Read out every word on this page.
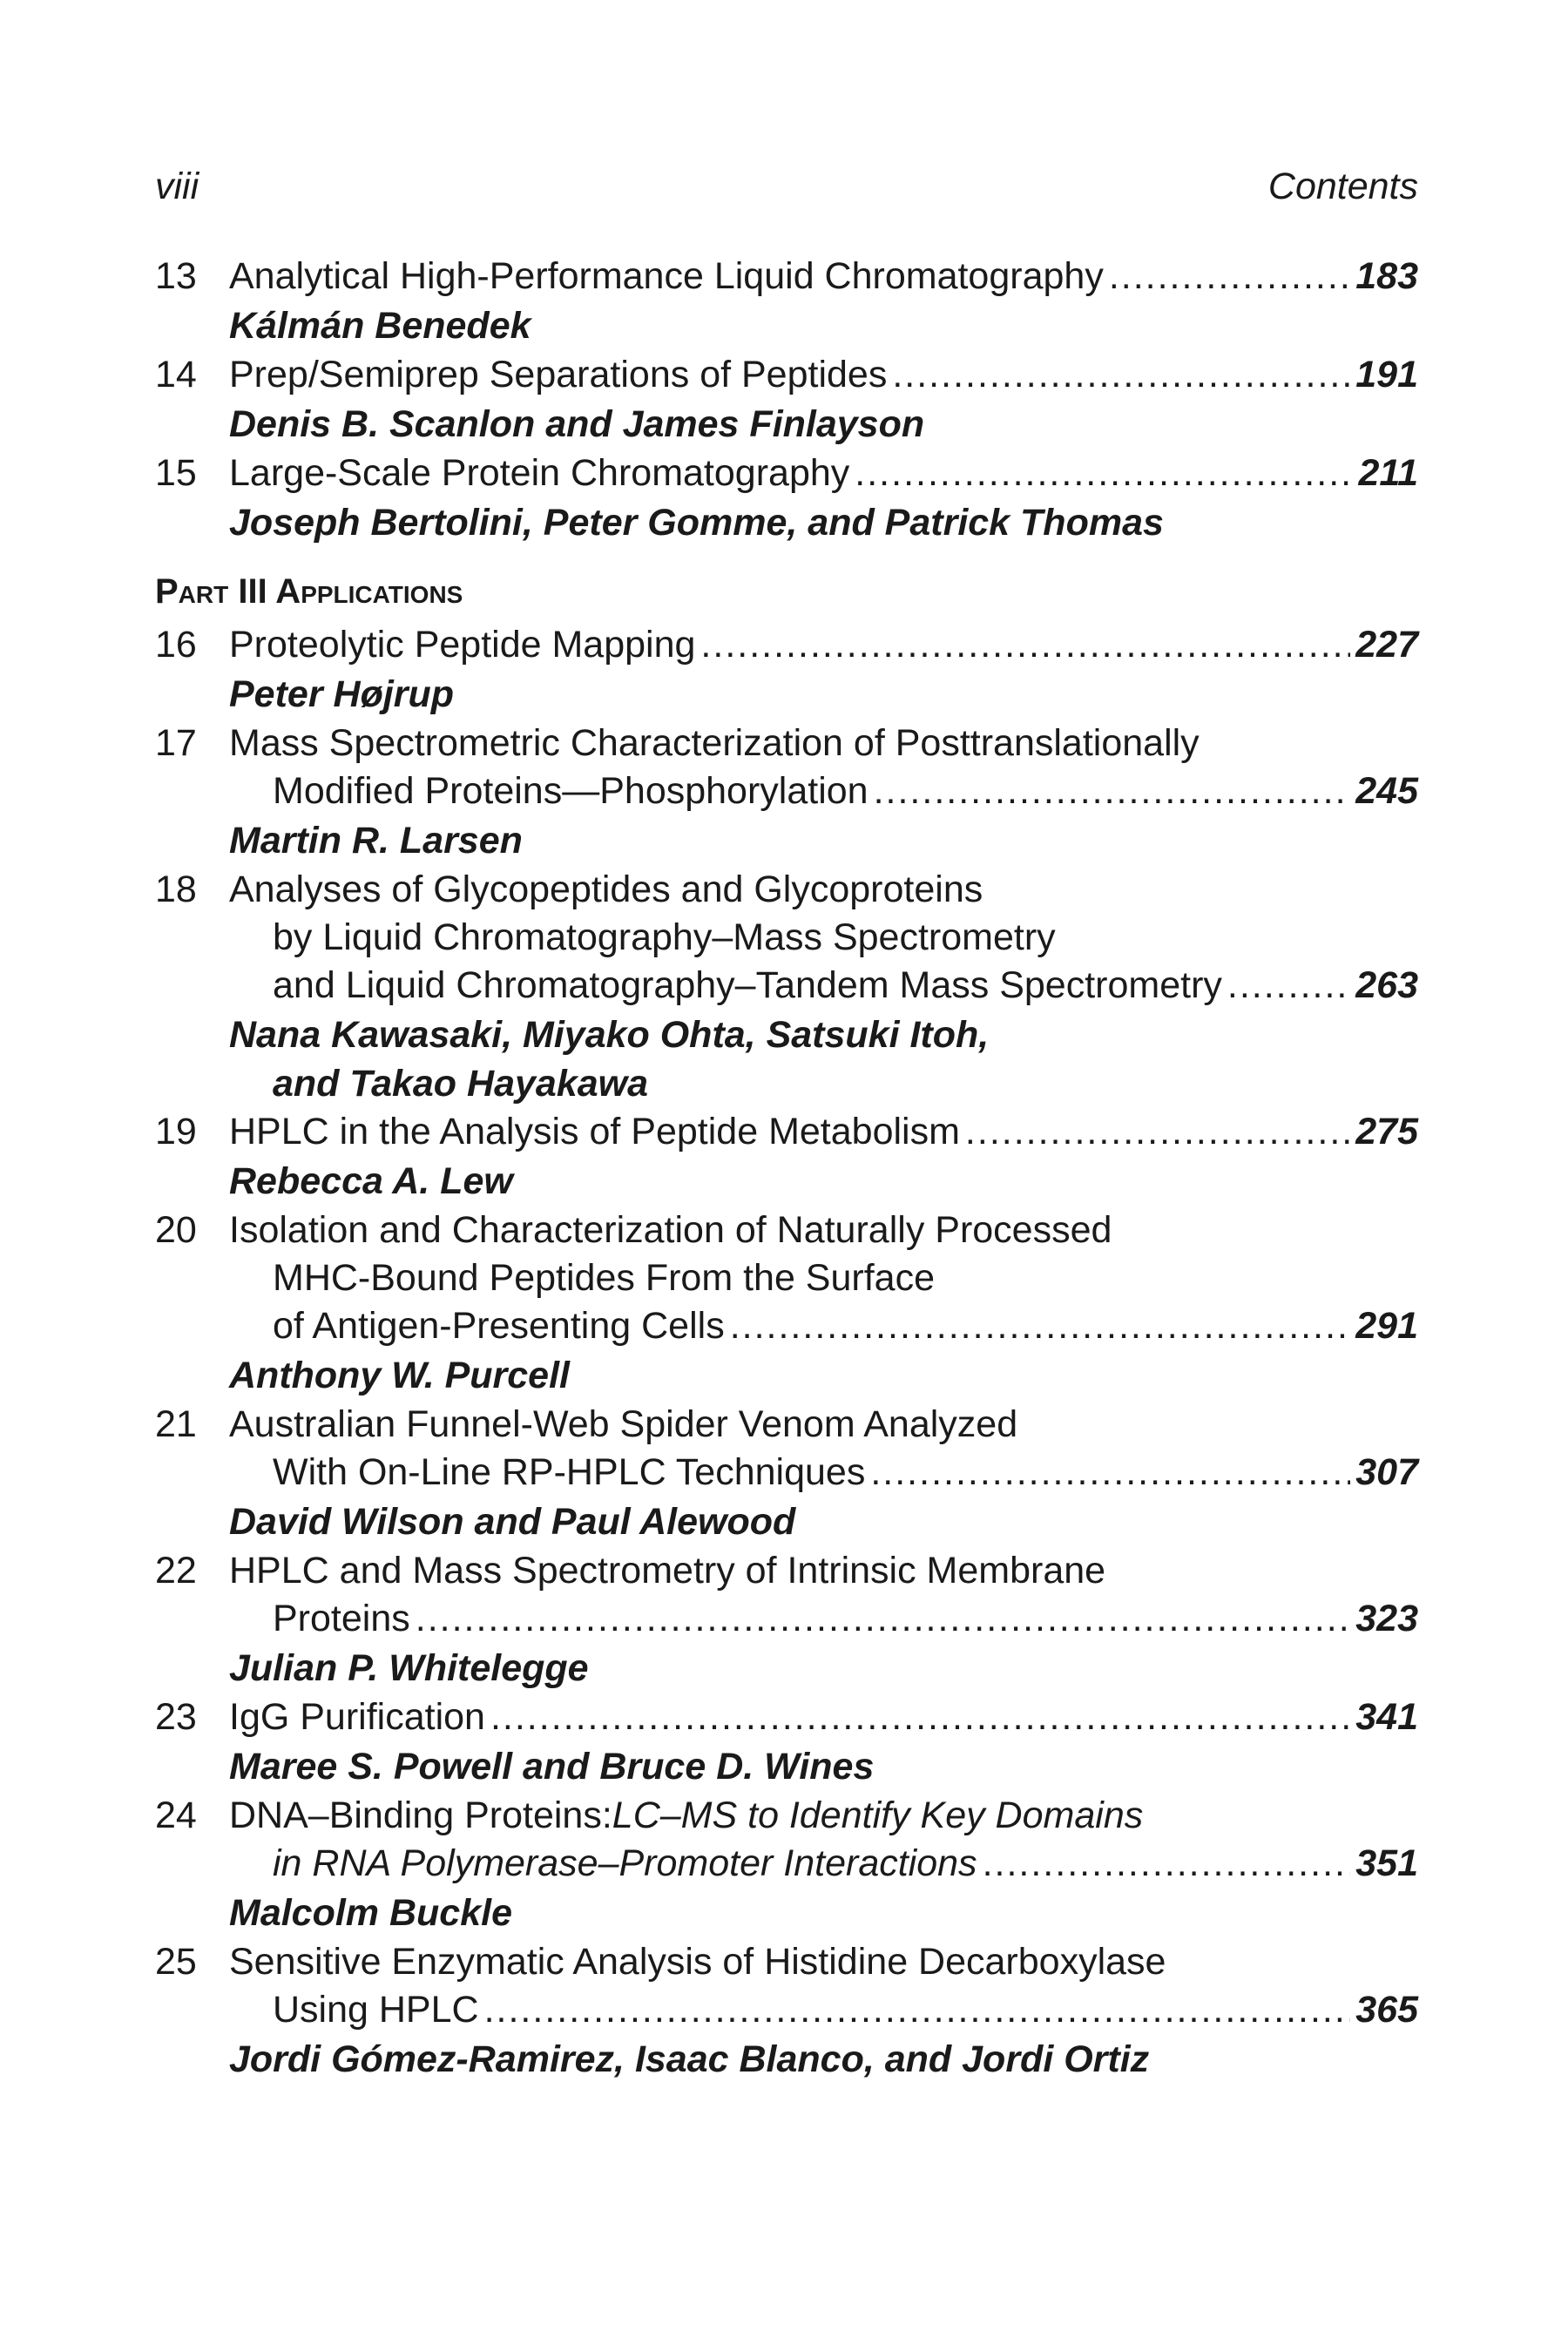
viii	Contents
13 Analytical High-Performance Liquid Chromatography .....	183
Kálmán Benedek
14 Prep/Semiprep Separations of Peptides .....	191
Denis B. Scanlon and James Finlayson
15 Large-Scale Protein Chromatography .....	211
Joseph Bertolini, Peter Gomme, and Patrick Thomas
Part III Applications
16 Proteolytic Peptide Mapping .....	227
Peter Højrup
17 Mass Spectrometric Characterization of Posttranslationally
Modified Proteins—Phosphorylation .....	245
Martin R. Larsen
18 Analyses of Glycopeptides and Glycoproteins
by Liquid Chromatography–Mass Spectrometry
and Liquid Chromatography–Tandem Mass Spectrometry .....	263
Nana Kawasaki, Miyako Ohta, Satsuki Itoh,
and Takao Hayakawa
19 HPLC in the Analysis of Peptide Metabolism .....	275
Rebecca A. Lew
20 Isolation and Characterization of Naturally Processed
MHC-Bound Peptides From the Surface
of Antigen-Presenting Cells .....	291
Anthony W. Purcell
21 Australian Funnel-Web Spider Venom Analyzed
With On-Line RP-HPLC Techniques .....	307
David Wilson and Paul Alewood
22 HPLC and Mass Spectrometry of Intrinsic Membrane
Proteins .....	323
Julian P. Whitelegge
23 IgG Purification .....	341
Maree S. Powell and Bruce D. Wines
24 DNA–Binding Proteins: LC–MS to Identify Key Domains
in RNA Polymerase–Promoter Interactions .....	351
Malcolm Buckle
25 Sensitive Enzymatic Analysis of Histidine Decarboxylase
Using HPLC .....	365
Jordi Gómez-Ramirez, Isaac Blanco, and Jordi Ortiz
